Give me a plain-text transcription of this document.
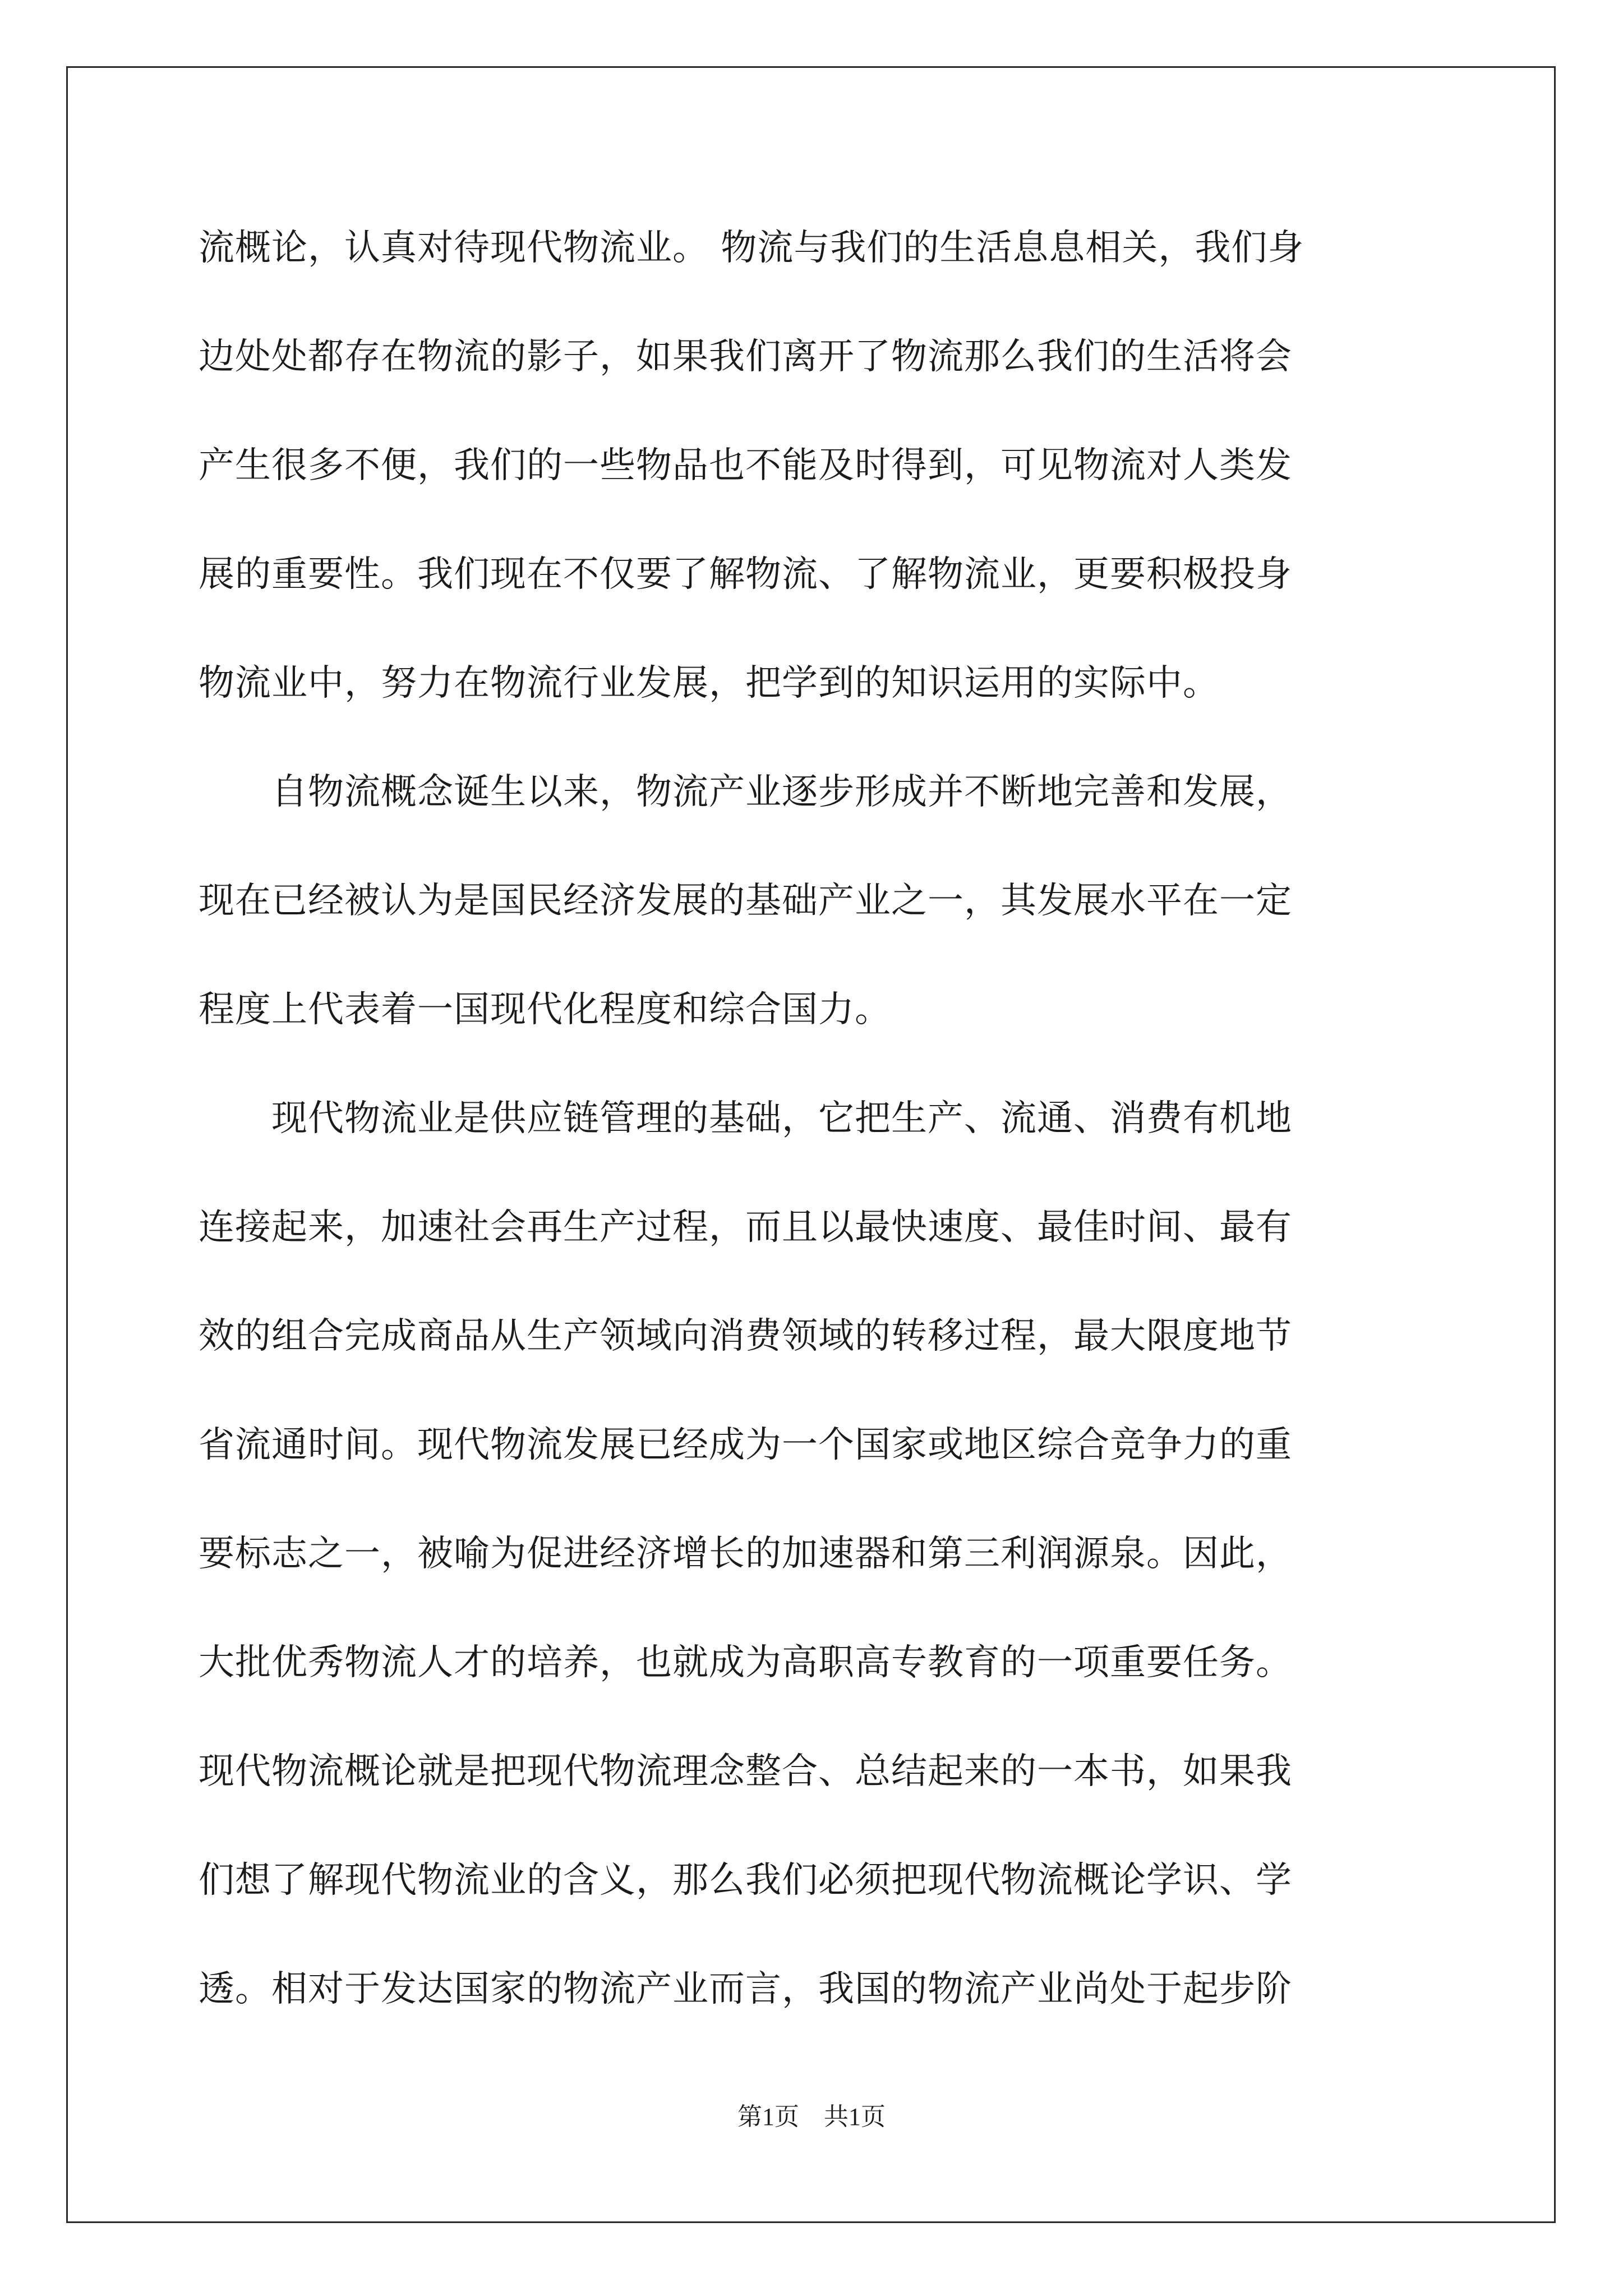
流概论，认真对待现代物流业。 物流与我们的生活息息相关，我们身
边处处都存在物流的影子，如果我们离开了物流那么我们的生活将会
产生很多不便，我们的一些物品也不能及时得到，可见物流对人类发
展的重要性。我们现在不仅要了解物流、了解物流业，更要积极投身
物流业中，努力在物流行业发展，把学到的知识运用的实际中。
　　自物流概念诞生以来，物流产业逐步形成并不断地完善和发展，
现在已经被认为是国民经济发展的基础产业之一，其发展水平在一定
程度上代表着一国现代化程度和综合国力。
　　现代物流业是供应链管理的基础，它把生产、流通、消费有机地
连接起来，加速社会再生产过程，而且以最快速度、最佳时间、最有
效的组合完成商品从生产领域向消费领域的转移过程，最大限度地节
省流通时间。现代物流发展已经成为一个国家或地区综合竞争力的重
要标志之一，被喻为促进经济增长的加速器和第三利润源泉。因此，
大批优秀物流人才的培养，也就成为高职高专教育的一项重要任务。
现代物流概论就是把现代物流理念整合、总结起来的一本书，如果我
们想了解现代物流业的含义，那么我们必须把现代物流概论学识、学
透。相对于发达国家的物流产业而言，我国的物流产业尚处于起步阶
第1页 共1页
